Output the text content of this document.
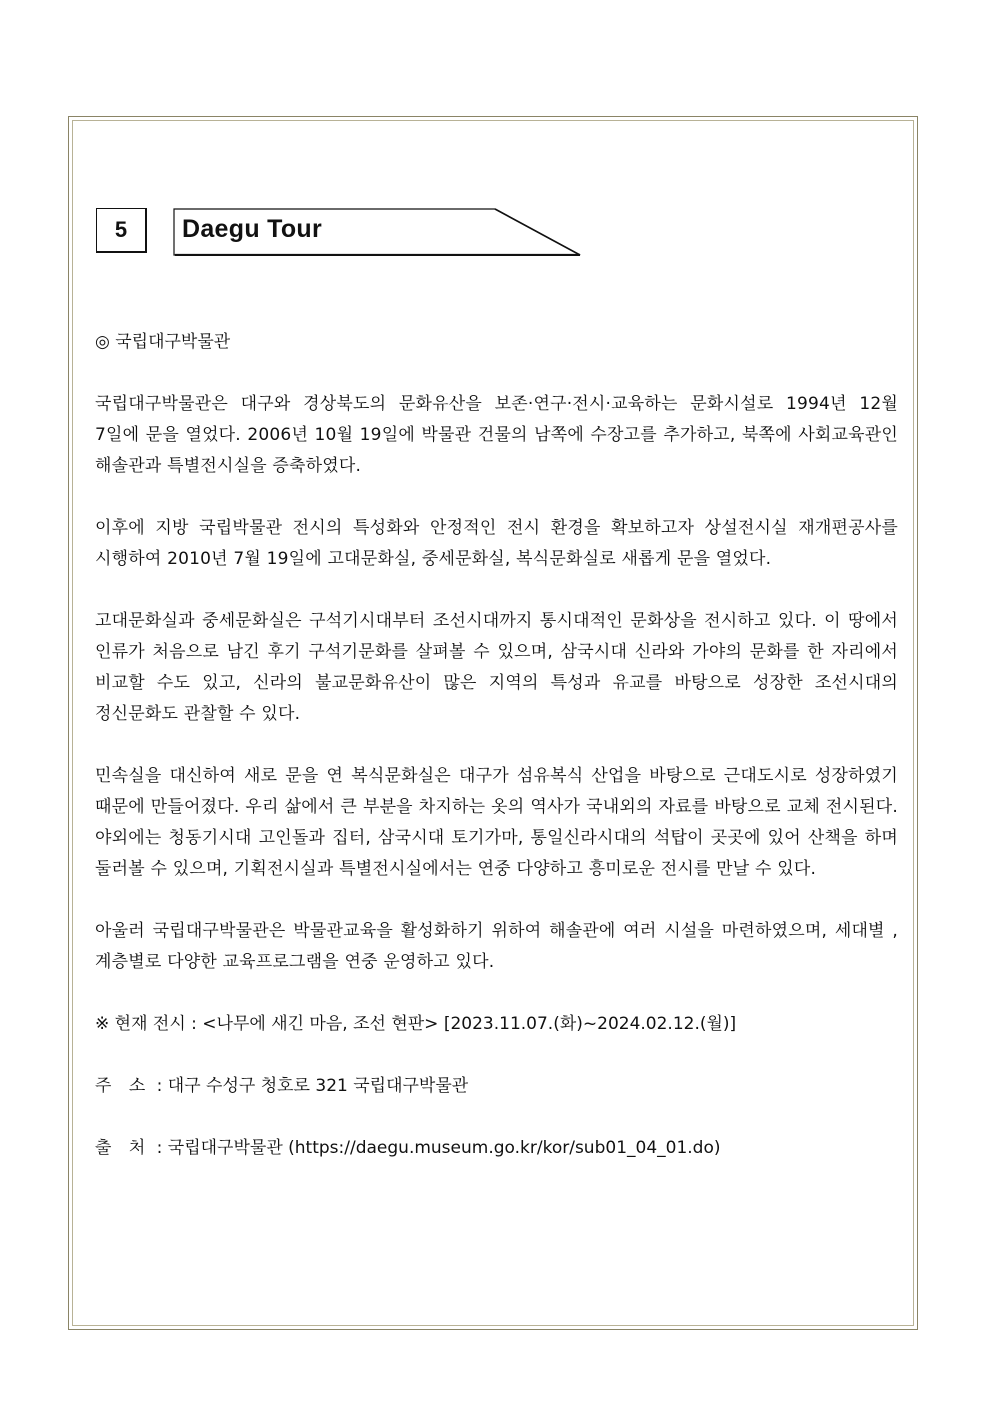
5 Daegu Tour

◎ 국립대구박물관

국립대구박물관은 대구와 경상북도의 문화유산을 보존·연구·전시·교육하는 문화시설로 1994년 12월 7일에 문을 열었다. 2006년 10월 19일에 박물관 건물의 남쪽에 수장고를 추가하고, 북쪽에 사회교육관인 해솔관과 특별전시실을 증축하였다.

이후에 지방 국립박물관 전시의 특성화와 안정적인 전시 환경을 확보하고자 상설전시실 재개편공사를 시행하여 2010년 7월 19일에 고대문화실, 중세문화실, 복식문화실로 새롭게 문을 열었다.

고대문화실과 중세문화실은 구석기시대부터 조선시대까지 통시대적인 문화상을 전시하고 있다. 이 땅에서 인류가 처음으로 남긴 후기 구석기문화를 살펴볼 수 있으며, 삼국시대 신라와 가야의 문화를 한 자리에서 비교할 수도 있고, 신라의 불교문화유산이 많은 지역의 특성과 유교를 바탕으로 성장한 조선시대의 정신문화도 관찰할 수 있다.

민속실을 대신하여 새로 문을 연 복식문화실은 대구가 섬유복식 산업을 바탕으로 근대도시로 성장하였기 때문에 만들어졌다. 우리 삶에서 큰 부분을 차지하는 옷의 역사가 국내외의 자료를 바탕으로 교체 전시된다. 야외에는 청동기시대 고인돌과 집터, 삼국시대 토기가마, 통일신라시대의 석탑이 곳곳에 있어 산책을 하며 둘러볼 수 있으며, 기획전시실과 특별전시실에서는 연중 다양하고 흥미로운 전시를 만날 수 있다.

아울러 국립대구박물관은 박물관교육을 활성화하기 위하여 해솔관에 여러 시설을 마련하였으며, 세대별 , 계층별로 다양한 교육프로그램을 연중 운영하고 있다.

※ 현재 전시 : <나무에 새긴 마음, 조선 현판> [2023.11.07.(화)~2024.02.12.(월)]

주 소 : 대구 수성구 청호로 321 국립대구박물관

출 처 : 국립대구박물관 (https://daegu.museum.go.kr/kor/sub01_04_01.do)
